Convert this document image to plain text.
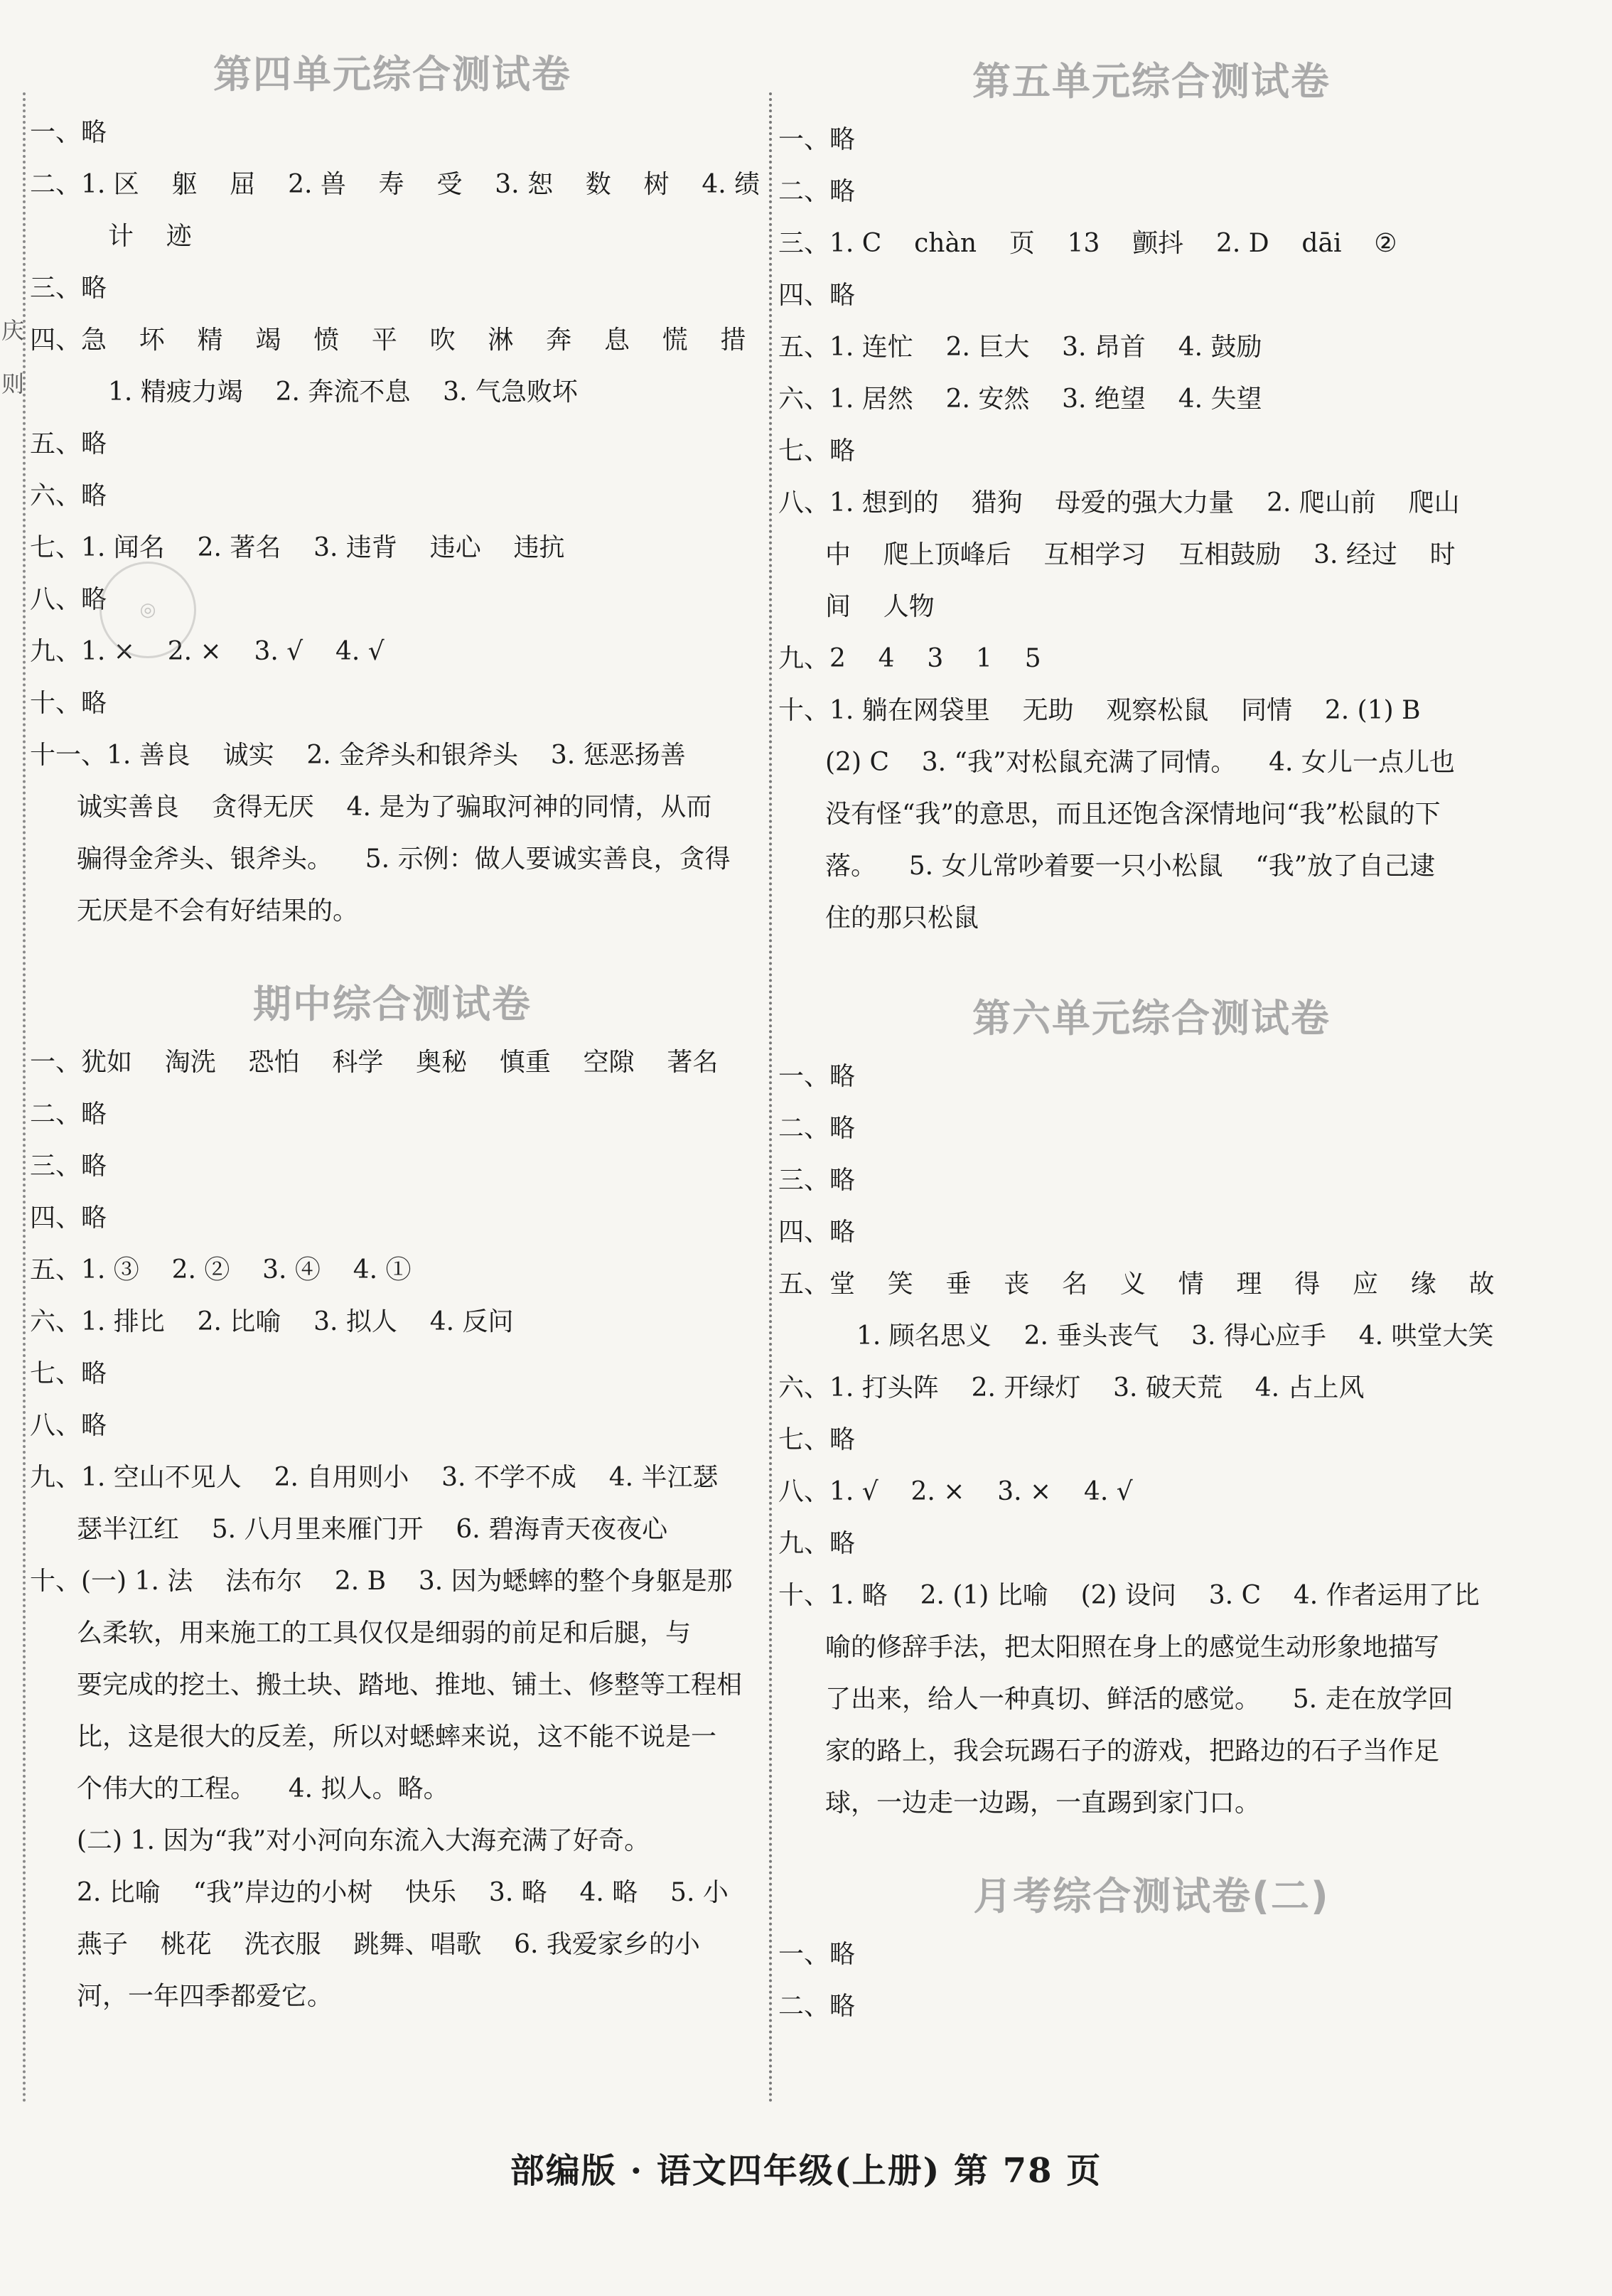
庆
则
第四单元综合测试卷

一、略

二、1. 区    躯    屈    2. 兽    寿    受    3. 恕    数    树    4. 绩

计    迹

三、略

四、急    坏    精    竭    愤    平    吹    淋    奔    息    慌    措

1. 精疲力竭    2. 奔流不息    3. 气急败坏

五、略

六、略

七、1. 闻名    2. 著名    3. 违背    违心    违抗

八、略

九、1. ×    2. ×    3. √    4. √

十、略

十一、1. 善良    诚实    2. 金斧头和银斧头    3. 惩恶扬善

诚实善良    贪得无厌    4. 是为了骗取河神的同情，从而

骗得金斧头、银斧头。    5. 示例：做人要诚实善良，贪得

无厌是不会有好结果的。

期中综合测试卷

一、犹如    淘洗    恐怕    科学    奥秘    慎重    空隙    著名

二、略

三、略

四、略

五、1. ③    2. ②    3. ④    4. ①

六、1. 排比    2. 比喻    3. 拟人    4. 反问

七、略

八、略

九、1. 空山不见人    2. 自用则小    3. 不学不成    4. 半江瑟

瑟半江红    5. 八月里来雁门开    6. 碧海青天夜夜心

十、(一) 1. 法    法布尔    2. B    3. 因为蟋蟀的整个身躯是那

么柔软，用来施工的工具仅仅是细弱的前足和后腿，与

要完成的挖土、搬土块、踏地、推地、铺土、修整等工程相

比，这是很大的反差，所以对蟋蟀来说，这不能不说是一

个伟大的工程。    4. 拟人。略。

(二) 1. 因为“我”对小河向东流入大海充满了好奇。

2. 比喻    “我”岸边的小树    快乐    3. 略    4. 略    5. 小

燕子    桃花    洗衣服    跳舞、唱歌    6. 我爱家乡的小

河，一年四季都爱它。

第五单元综合测试卷

一、略

二、略

三、1. C    chàn    页    13    颤抖    2. D    dāi    ②

四、略

五、1. 连忙    2. 巨大    3. 昂首    4. 鼓励

六、1. 居然    2. 安然    3. 绝望    4. 失望

七、略

八、1. 想到的    猎狗    母爱的强大力量    2. 爬山前    爬山

中    爬上顶峰后    互相学习    互相鼓励    3. 经过    时

间    人物

九、2    4    3    1    5

十、1. 躺在网袋里    无助    观察松鼠    同情    2. (1) B

(2) C    3. “我”对松鼠充满了同情。    4. 女儿一点儿也

没有怪“我”的意思，而且还饱含深情地问“我”松鼠的下

落。    5. 女儿常吵着要一只小松鼠    “我”放了自己逮

住的那只松鼠

第六单元综合测试卷

一、略

二、略

三、略

四、略

五、堂    笑    垂    丧    名    义    情    理    得    应    缘    故

1. 顾名思义    2. 垂头丧气    3. 得心应手    4. 哄堂大笑

六、1. 打头阵    2. 开绿灯    3. 破天荒    4. 占上风

七、略

八、1. √    2. ×    3. ×    4. √

九、略

十、1. 略    2. (1) 比喻    (2) 设问    3. C    4. 作者运用了比

喻的修辞手法，把太阳照在身上的感觉生动形象地描写

了出来，给人一种真切、鲜活的感觉。    5. 走在放学回

家的路上，我会玩踢石子的游戏，把路边的石子当作足

球，一边走一边踢，一直踢到家门口。

月考综合测试卷(二)

一、略

二、略

◎
部编版 · 语文四年级(上册) 第 78 页
